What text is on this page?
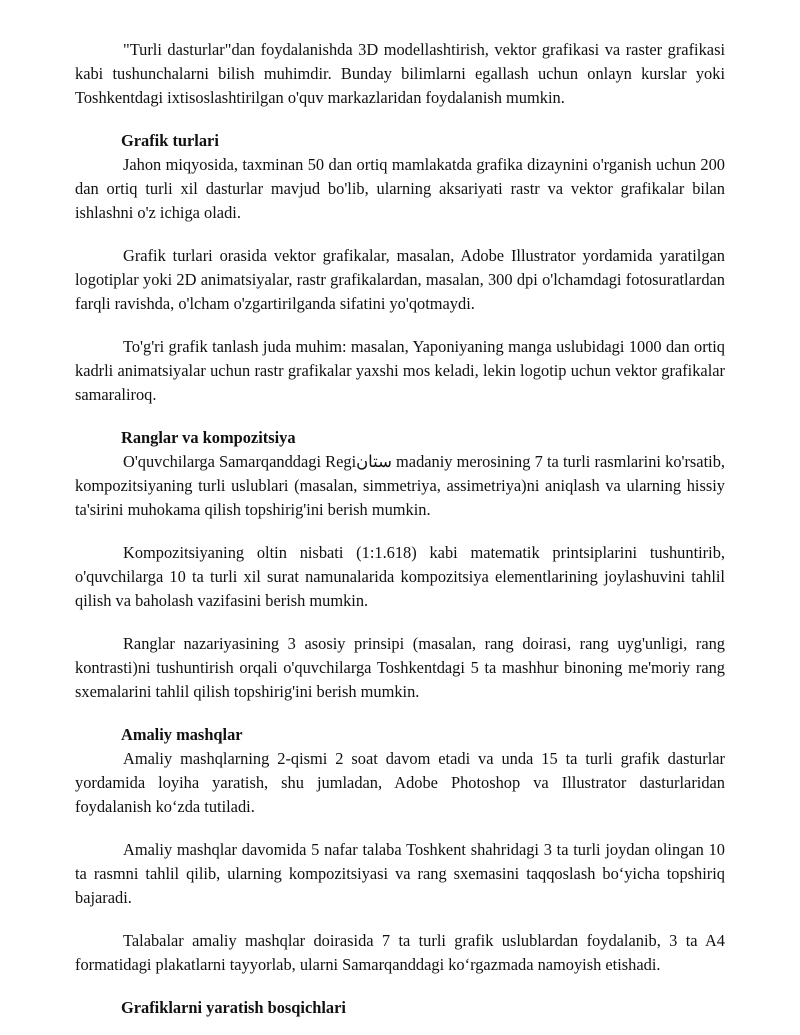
"Turli dasturlar"dan foydalanishda 3D modellashtirish, vektor grafikasi va raster grafikasi kabi tushunchalarni bilish muhimdir. Bunday bilimlarni egallash uchun onlayn kurslar yoki Toshkentdagi ixtisoslashtirilgan o'quv markazlaridan foydalanish mumkin.

Grafik turlari

Jahon miqyosida, taxminan 50 dan ortiq mamlakatda grafika dizaynini o'rganish uchun 200 dan ortiq turli xil dasturlar mavjud bo'lib, ularning aksariyati rastr va vektor grafikalar bilan ishlashni o'z ichiga oladi.

Grafik turlari orasida vektor grafikalar, masalan, Adobe Illustrator yordamida yaratilgan logotiplar yoki 2D animatsiyalar, rastr grafikalardan, masalan, 300 dpi o'lchamdagi fotosuratlardan farqli ravishda, o'lcham o'zgartirilganda sifatini yo'qotmaydi.

To'g'ri grafik tanlash juda muhim: masalan, Yaponiyaning manga uslubidagi 1000 dan ortiq kadrli animatsiyalar uchun rastr grafikalar yaxshi mos keladi, lekin logotip uchun vektor grafikalar samaraliroq.

Ranglar va kompozitsiya

O'quvchilarga Samarqanddagi Regiستان madaniy merosining 7 ta turli rasmlarini ko'rsatib, kompozitsiyaning turli uslublari (masalan, simmetriya, assimetriya)ni aniqlash va ularning hissiy ta'sirini muhokama qilish topshirig'ini berish mumkin.

Kompozitsiyaning oltin nisbati (1:1.618) kabi matematik printsiplarini tushuntirib, o'quvchilarga 10 ta turli xil surat namunalarida kompozitsiya elementlarining joylashuvini tahlil qilish va baholash vazifasini berish mumkin.

Ranglar nazariyasining 3 asosiy prinsipi (masalan, rang doirasi, rang uyg'unligi, rang kontrasti)ni tushuntirish orqali o'quvchilarga Toshkentdagi 5 ta mashhur binoning me'moriy rang sxemalarini tahlil qilish topshirig'ini berish mumkin.

Amaliy mashqlar

Amaliy mashqlarning 2-qismi 2 soat davom etadi va unda 15 ta turli grafik dasturlar yordamida loyiha yaratish, shu jumladan, Adobe Photoshop va Illustrator dasturlaridan foydalanish ko‘zda tutiladi.

Amaliy mashqlar davomida 5 nafar talaba Toshkent shahridagi 3 ta turli joydan olingan 10 ta rasmni tahlil qilib, ularning kompozitsiyasi va rang sxemasini taqqoslash bo‘yicha topshiriq bajaradi.

Talabalar amaliy mashqlar doirasida 7 ta turli grafik uslublardan foydalanib, 3 ta A4 formatidagi plakatlarni tayyorlab, ularni Samarqanddagi ko‘rgazmada namoyish etishadi.

Grafiklarni yaratish bosqichlari
